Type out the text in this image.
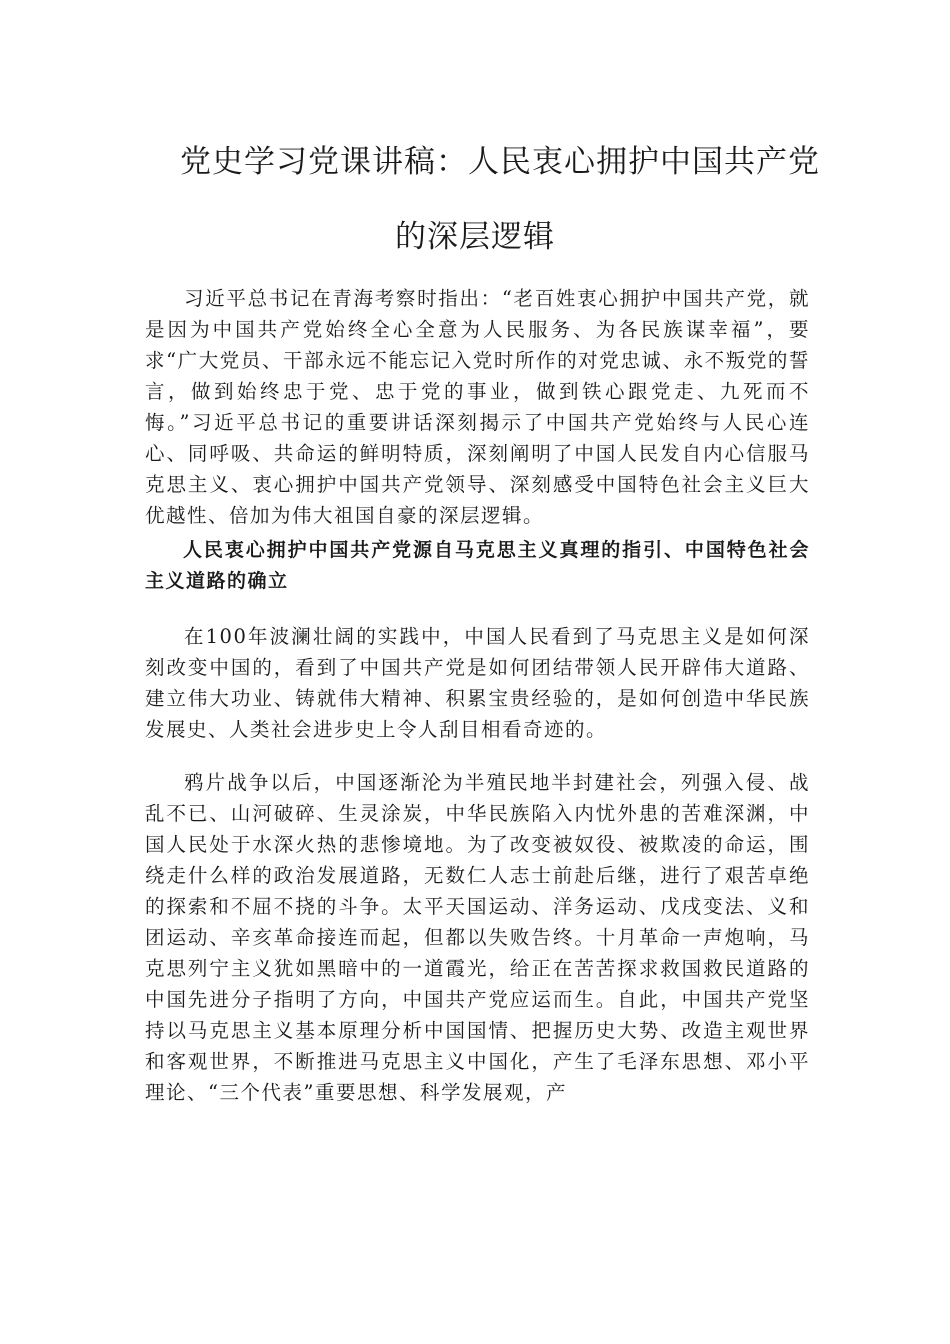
党史学习党课讲稿：人民衷心拥护中国共产党
的深层逻辑

习近平总书记在青海考察时指出：“老百姓衷心拥护中国共产党，就是因为中国共产党始终全心全意为人民服务、为各民族谋幸福”，要求“广大党员、干部永远不能忘记入党时所作的对党忠诚、永不叛党的誓言，做到始终忠于党、忠于党的事业，做到铁心跟党走、九死而不悔。”习近平总书记的重要讲话深刻揭示了中国共产党始终与人民心连心、同呼吸、共命运的鲜明特质，深刻阐明了中国人民发自内心信服马克思主义、衷心拥护中国共产党领导、深刻感受中国特色社会主义巨大优越性、倍加为伟大祖国自豪的深层逻辑。

人民衷心拥护中国共产党源自马克思主义真理的指引、中国特色社会主义道路的确立

在100年波澜壮阔的实践中，中国人民看到了马克思主义是如何深刻改变中国的，看到了中国共产党是如何团结带领人民开辟伟大道路、建立伟大功业、铸就伟大精神、积累宝贵经验的，是如何创造中华民族发展史、人类社会进步史上令人刮目相看奇迹的。

鸦片战争以后，中国逐渐沦为半殖民地半封建社会，列强入侵、战乱不已、山河破碎、生灵涂炭，中华民族陷入内忧外患的苦难深渊，中国人民处于水深火热的悲惨境地。为了改变被奴役、被欺凌的命运，围绕走什么样的政治发展道路，无数仁人志士前赴后继，进行了艰苦卓绝的探索和不屈不挠的斗争。太平天国运动、洋务运动、戊戌变法、义和团运动、辛亥革命接连而起，但都以失败告终。十月革命一声炮响，马克思列宁主义犹如黑暗中的一道霞光，给正在苦苦探求救国救民道路的中国先进分子指明了方向，中国共产党应运而生。自此，中国共产党坚持以马克思主义基本原理分析中国国情、把握历史大势、改造主观世界和客观世界，不断推进马克思主义中国化，产生了毛泽东思想、邓小平理论、“三个代表”重要思想、科学发展观，产
